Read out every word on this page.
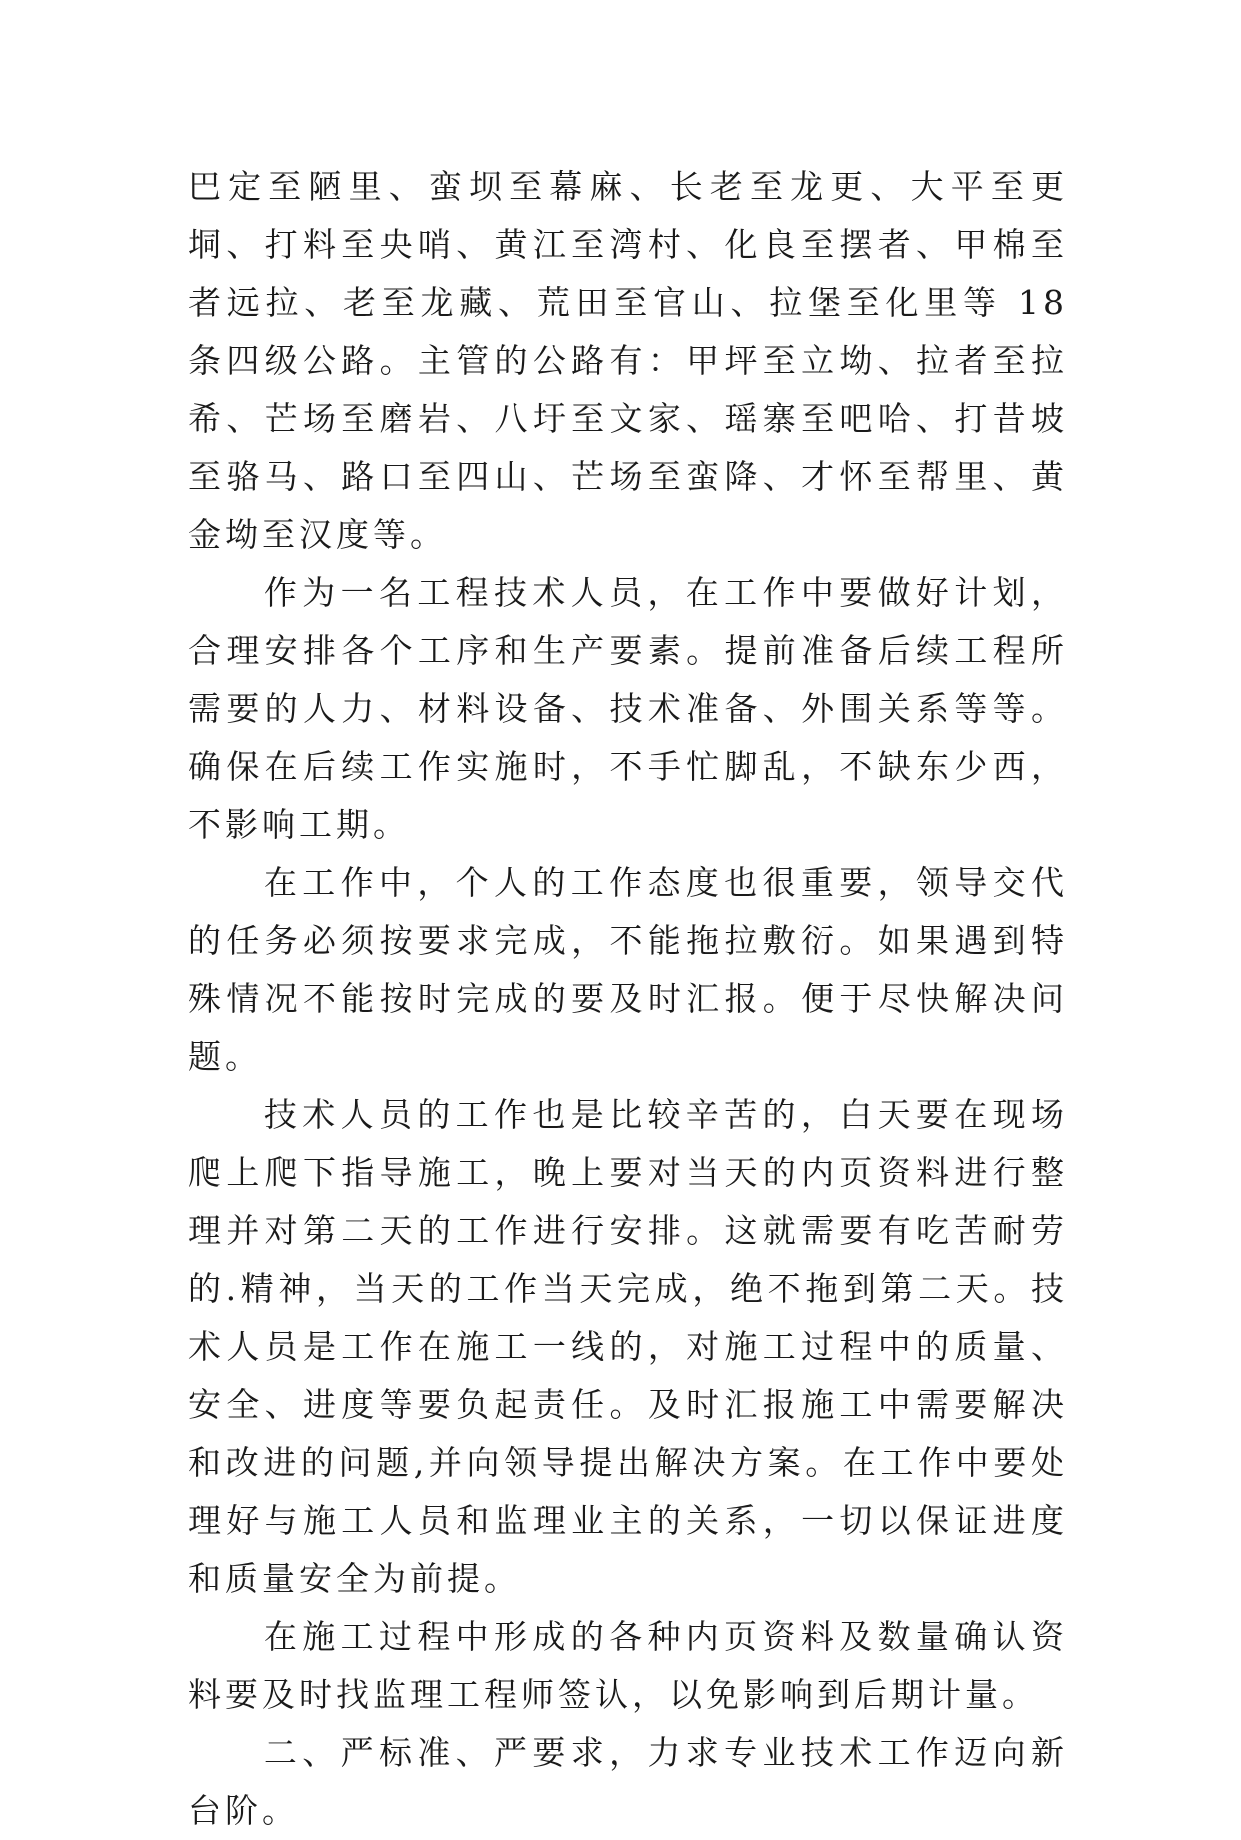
巴定至陋里、蛮坝至幕麻、长老至龙更、大平至更垌、打料至央哨、黄江至湾村、化良至摆者、甲棉至者远拉、老至龙藏、荒田至官山、拉堡至化里等 18 条四级公路。主管的公路有：甲坪至立坳、拉者至拉希、芒场至磨岩、八圩至文家、瑶寨至吧哈、打昔坡至骆马、路口至四山、芒场至蛮降、才怀至帮里、黄金坳至汉度等。

作为一名工程技术人员，在工作中要做好计划，合理安排各个工序和生产要素。提前准备后续工程所需要的人力、材料设备、技术准备、外围关系等等。确保在后续工作实施时，不手忙脚乱，不缺东少西，不影响工期。

在工作中，个人的工作态度也很重要，领导交代的任务必须按要求完成，不能拖拉敷衍。如果遇到特殊情况不能按时完成的要及时汇报。便于尽快解决问题。

技术人员的工作也是比较辛苦的，白天要在现场爬上爬下指导施工，晚上要对当天的内页资料进行整理并对第二天的工作进行安排。这就需要有吃苦耐劳的.精神，当天的工作当天完成，绝不拖到第二天。技术人员是工作在施工一线的，对施工过程中的质量、安全、进度等要负起责任。及时汇报施工中需要解决和改进的问题,并向领导提出解决方案。在工作中要处理好与施工人员和监理业主的关系，一切以保证进度和质量安全为前提。

在施工过程中形成的各种内页资料及数量确认资料要及时找监理工程师签认，以免影响到后期计量。

二、严标准、严要求，力求专业技术工作迈向新台阶。
